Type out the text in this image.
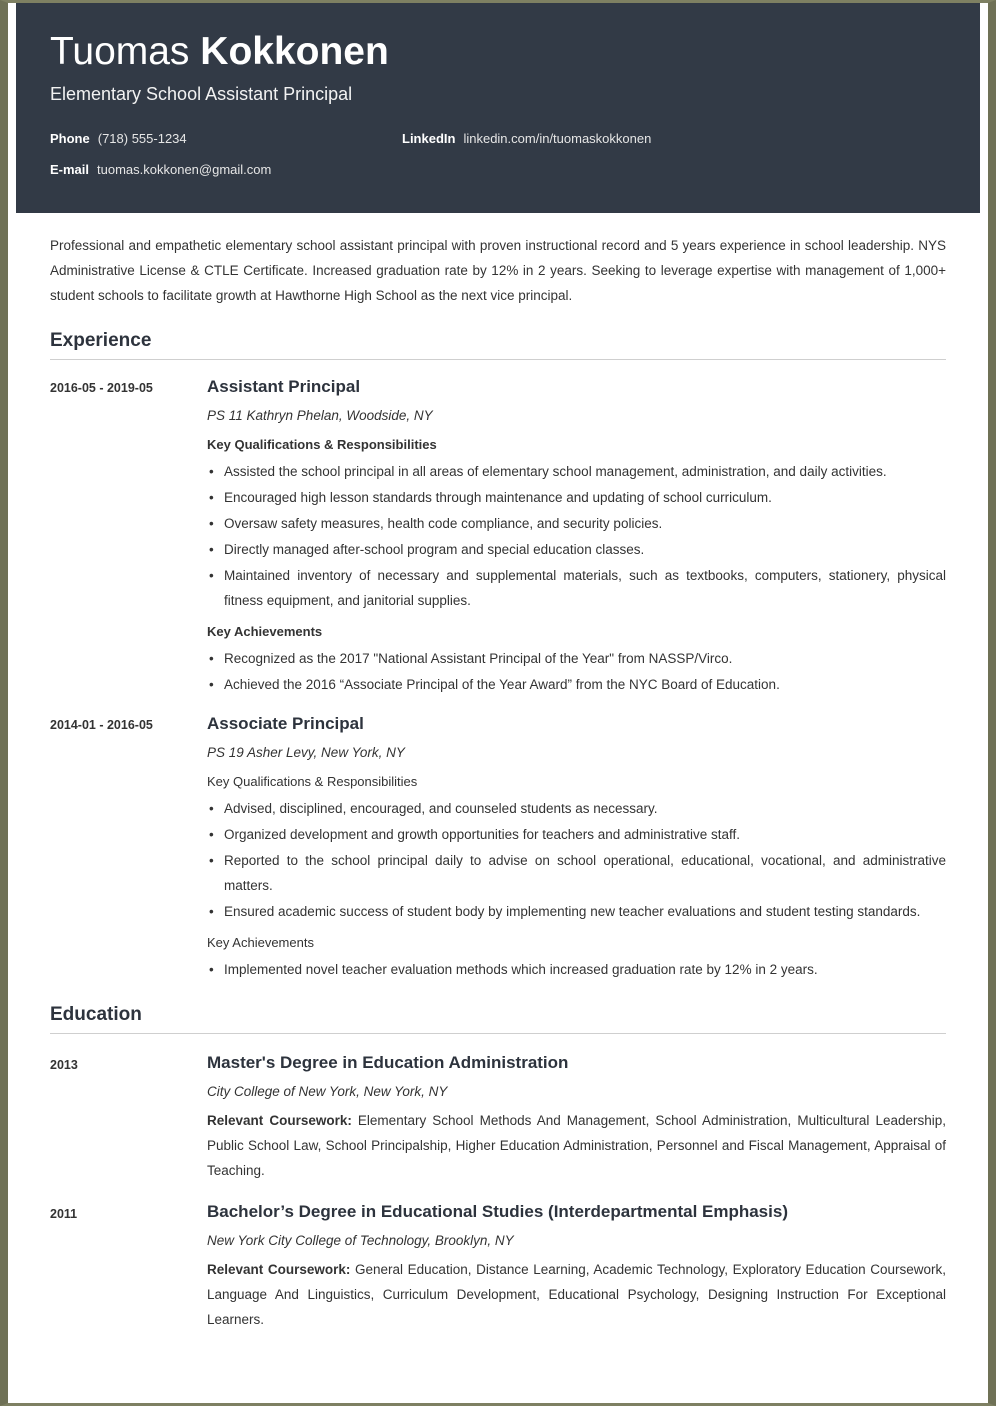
Tuomas Kokkonen
Elementary School Assistant Principal
Phone (718) 555-1234	LinkedIn linkedin.com/in/tuomaskokkonen
E-mail tuomas.kokkonen@gmail.com
Professional and empathetic elementary school assistant principal with proven instructional record and 5 years experience in school leadership. NYS Administrative License & CTLE Certificate. Increased graduation rate by 12% in 2 years. Seeking to leverage expertise with management of 1,000+ student schools to facilitate growth at Hawthorne High School as the next vice principal.
Experience
2016-05 - 2019-05	Assistant Principal
PS 11 Kathryn Phelan, Woodside, NY
Key Qualifications & Responsibilities
• Assisted the school principal in all areas of elementary school management, administration, and daily activities.
• Encouraged high lesson standards through maintenance and updating of school curriculum.
• Oversaw safety measures, health code compliance, and security policies.
• Directly managed after-school program and special education classes.
• Maintained inventory of necessary and supplemental materials, such as textbooks, computers, stationery, physical fitness equipment, and janitorial supplies.
Key Achievements
• Recognized as the 2017 "National Assistant Principal of the Year" from NASSP/Virco.
• Achieved the 2016 “Associate Principal of the Year Award” from the NYC Board of Education.
2014-01 - 2016-05	Associate Principal
PS 19 Asher Levy, New York, NY
Key Qualifications & Responsibilities
• Advised, disciplined, encouraged, and counseled students as necessary.
• Organized development and growth opportunities for teachers and administrative staff.
• Reported to the school principal daily to advise on school operational, educational, vocational, and administrative matters.
• Ensured academic success of student body by implementing new teacher evaluations and student testing standards.
Key Achievements
• Implemented novel teacher evaluation methods which increased graduation rate by 12% in 2 years.
Education
2013	Master's Degree in Education Administration
City College of New York, New York, NY
Relevant Coursework: Elementary School Methods And Management, School Administration, Multicultural Leadership, Public School Law, School Principalship, Higher Education Administration, Personnel and Fiscal Management, Appraisal of Teaching.
2011	Bachelor’s Degree in Educational Studies (Interdepartmental Emphasis)
New York City College of Technology, Brooklyn, NY
Relevant Coursework: General Education, Distance Learning, Academic Technology, Exploratory Education Coursework, Language And Linguistics, Curriculum Development, Educational Psychology, Designing Instruction For Exceptional Learners.
